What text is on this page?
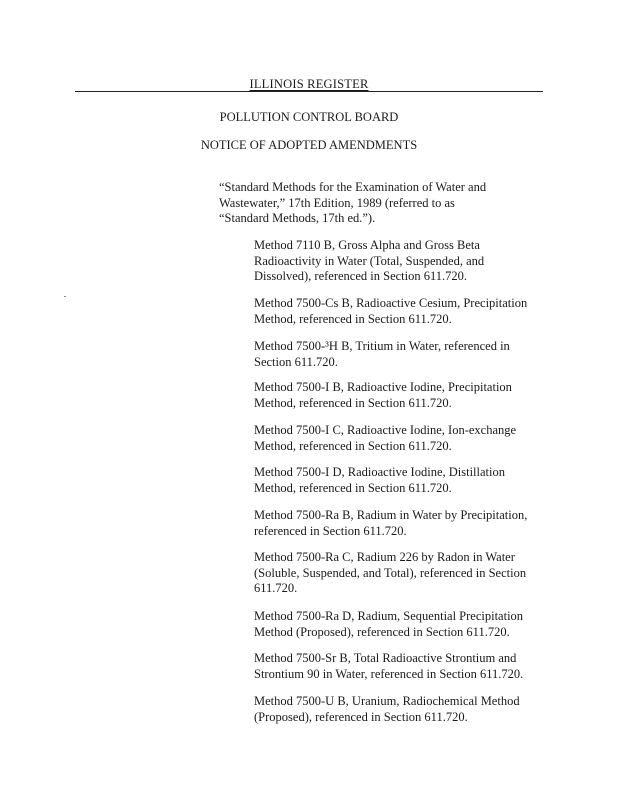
ILLINOIS REGISTER
POLLUTION CONTROL BOARD
NOTICE OF ADOPTED AMENDMENTS
“Standard Methods for the Examination of Water and Wastewater,” 17th Edition, 1989 (referred to as “Standard Methods, 17th ed.”).
Method 7110 B, Gross Alpha and Gross Beta Radioactivity in Water (Total, Suspended, and Dissolved), referenced in Section 611.720.
Method 7500-Cs B, Radioactive Cesium, Precipitation Method, referenced in Section 611.720.
Method 7500-³H B, Tritium in Water, referenced in Section 611.720.
Method 7500-I B, Radioactive Iodine, Precipitation Method, referenced in Section 611.720.
Method 7500-I C, Radioactive Iodine, Ion-exchange Method, referenced in Section 611.720.
Method 7500-I D, Radioactive Iodine, Distillation Method, referenced in Section 611.720.
Method 7500-Ra B, Radium in Water by Precipitation, referenced in Section 611.720.
Method 7500-Ra C, Radium 226 by Radon in Water (Soluble, Suspended, and Total), referenced in Section 611.720.
Method 7500-Ra D, Radium, Sequential Precipitation Method (Proposed), referenced in Section 611.720.
Method 7500-Sr B, Total Radioactive Strontium and Strontium 90 in Water, referenced in Section 611.720.
Method 7500-U B, Uranium, Radiochemical Method (Proposed), referenced in Section 611.720.
